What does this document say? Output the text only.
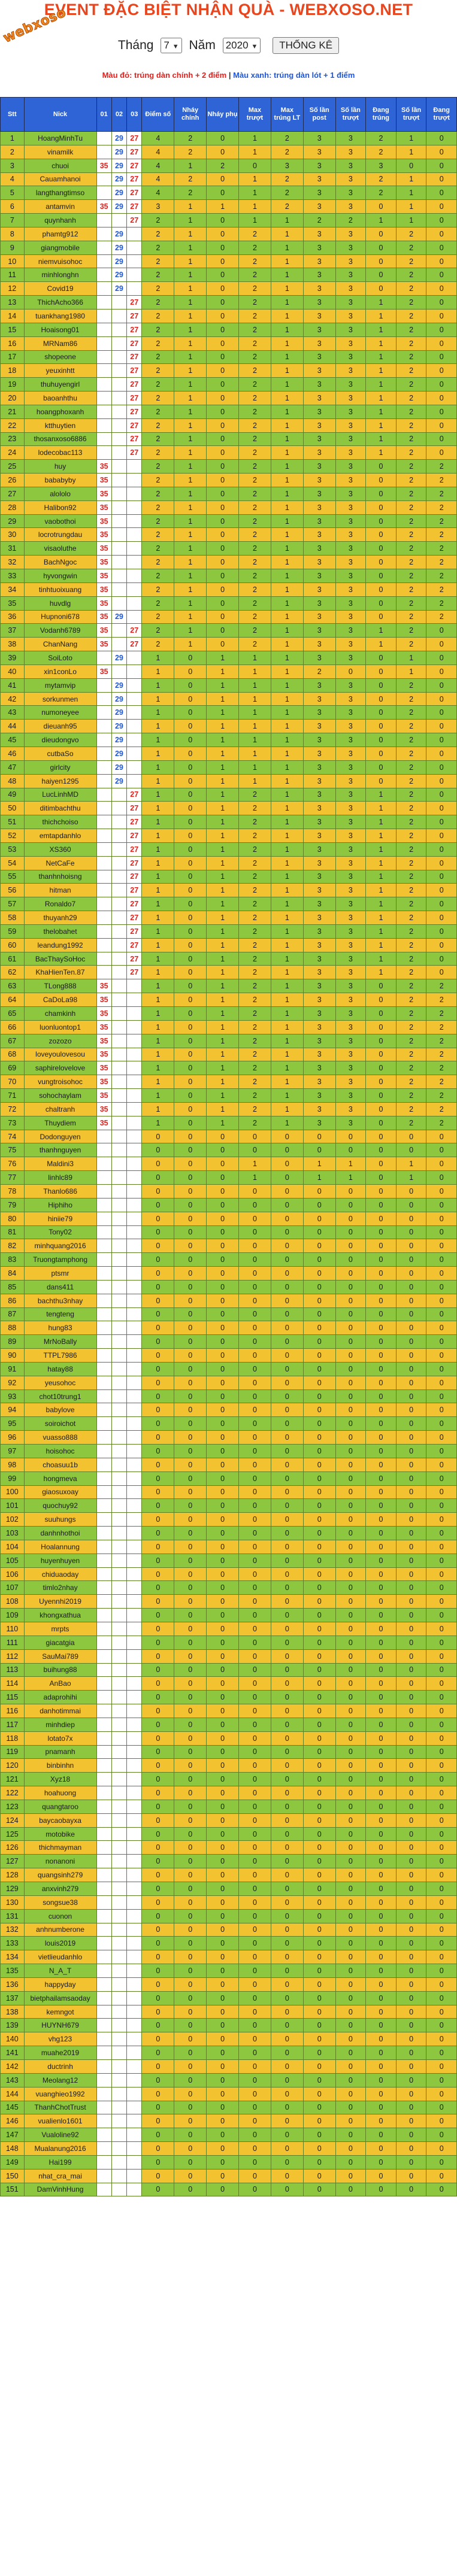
EVENT ĐẶC BIỆT NHẬN QUÀ - WEBXOSO.NET
webxoso	Tháng 7 ▼ Năm 2020 ▼ THỐNG KÊ
Màu đỏ: trúng dàn chính + 2 điểm | Màu xanh: trúng dàn lót + 1 điểm
Stt	Nick	01	02	03	Điểm số	Nháy chính	Nháy phụ	Max trượt	Max trúng LT	Số lần post	Số lần trượt	Đang trúng	Số lần trượt	Đang trượt
1	HoangMinhTu		29	27	4	2	0	1	2	3	3	2	1	0
2	vinamilk		29	27	4	2	0	1	2	3	3	2	1	0
3	chuoi	35	29	27	4	1	2	0	3	3	3	3	0	0
4	Cauamhanoi		29	27	4	2	0	1	2	3	3	2	1	0
5	langthangtimso		29	27	4	2	0	1	2	3	3	2	1	0
6	antamvin	35	29	27	3	1	1	1	2	3	3	0	1	0
7	quynhanh			27	2	1	0	1	1	2	2	1	1	0
8	phamtg912		29		2	1	0	2	1	3	3	0	2	0
9	giangmobile		29		2	1	0	2	1	3	3	0	2	0
10	niemvuisohoc		29		2	1	0	2	1	3	3	0	2	0
11	minhlonghn		29		2	1	0	2	1	3	3	0	2	0
12	Covid19		29		2	1	0	2	1	3	3	0	2	0
13	ThichAcho366			27	2	1	0	2	1	3	3	1	2	0
14	tuankhang1980			27	2	1	0	2	1	3	3	1	2	0
15	Hoaisong01			27	2	1	0	2	1	3	3	1	2	0
16	MRNam86			27	2	1	0	2	1	3	3	1	2	0
17	shopeone			27	2	1	0	2	1	3	3	1	2	0
18	yeuxinhtt			27	2	1	0	2	1	3	3	1	2	0
19	thuhuyengirl			27	2	1	0	2	1	3	3	1	2	0
20	baoanhthu			27	2	1	0	2	1	3	3	1	2	0
21	hoangphoxanh			27	2	1	0	2	1	3	3	1	2	0
22	ktthuytien			27	2	1	0	2	1	3	3	1	2	0
23	thosanxoso6886			27	2	1	0	2	1	3	3	1	2	0
24	lodecobac113			27	2	1	0	2	1	3	3	1	2	0
25	huy	35			2	1	0	2	1	3	3	0	2	2
26	bababyby	35			2	1	0	2	1	3	3	0	2	2
27	alololo	35			2	1	0	2	1	3	3	0	2	2
28	Halibon92	35			2	1	0	2	1	3	3	0	2	2
29	vaobothoi	35			2	1	0	2	1	3	3	0	2	2
30	locrotrungdau	35			2	1	0	2	1	3	3	0	2	2
31	visaoluthe	35			2	1	0	2	1	3	3	0	2	2
32	BachNgoc	35			2	1	0	2	1	3	3	0	2	2
33	hyvongwin	35			2	1	0	2	1	3	3	0	2	2
34	tinhtuoixuang	35			2	1	0	2	1	3	3	0	2	2
35	huvdlg	35			2	1	0	2	1	3	3	0	2	2
36	Hupnoni678	35	29		2	1	0	2	1	3	3	0	2	2
37	Vodanh6789	35		27	2	1	0	2	1	3	3	1	2	0
38	ChanNang	35		27	2	1	0	2	1	3	3	1	2	0
39	SoiLoto		29		1	0	1	1	1	3	3	0	1	0
40	xin1conLo	35			1	0	1	1	1	2	0	0	1	0
41	mytamvip		29		1	0	1	1	1	3	3	0	2	0
42	sorkunmen		29		1	0	1	1	1	3	3	0	2	0
43	numoneyee		29		1	0	1	1	1	3	3	0	2	0
44	dieuanh95		29		1	0	1	1	1	3	3	0	2	0
45	dieudongvo		29		1	0	1	1	1	3	3	0	2	0
46	cutbaSo		29		1	0	1	1	1	3	3	0	2	0
47	girlcity		29		1	0	1	1	1	3	3	0	2	0
48	haiyen1295		29		1	0	1	1	1	3	3	0	2	0
49	LucLinhMD			27	1	0	1	2	1	3	3	1	2	0
50	ditimbachthu			27	1	0	1	2	1	3	3	1	2	0
51	thichchoiso			27	1	0	1	2	1	3	3	1	2	0
52	emtapdanhlo			27	1	0	1	2	1	3	3	1	2	0
53	XS360			27	1	0	1	2	1	3	3	1	2	0
54	NetCaFe			27	1	0	1	2	1	3	3	1	2	0
55	thanhnhoisng			27	1	0	1	2	1	3	3	1	2	0
56	hitman			27	1	0	1	2	1	3	3	1	2	0
57	Ronaldo7			27	1	0	1	2	1	3	3	1	2	0
58	thuyanh29			27	1	0	1	2	1	3	3	1	2	0
59	thelobahet			27	1	0	1	2	1	3	3	1	2	0
60	leandung1992			27	1	0	1	2	1	3	3	1	2	0
61	BacThaySoHoc			27	1	0	1	2	1	3	3	1	2	0
62	KhaHienTen.87			27	1	0	1	2	1	3	3	1	2	0
63	TLong888	35			1	0	1	2	1	3	3	0	2	2
64	CaDoLa98	35			1	0	1	2	1	3	3	0	2	2
65	chamkinh	35			1	0	1	2	1	3	3	0	2	2
66	luonluontop1	35			1	0	1	2	1	3	3	0	2	2
67	zozozo	35			1	0	1	2	1	3	3	0	2	2
68	loveyoulovesou	35			1	0	1	2	1	3	3	0	2	2
69	saphirelovelove	35			1	0	1	2	1	3	3	0	2	2
70	vungtroisohoc	35			1	0	1	2	1	3	3	0	2	2
71	sohochaylam	35			1	0	1	2	1	3	3	0	2	2
72	chaltranh	35			1	0	1	2	1	3	3	0	2	2
73	Thuydiem	35			1	0	1	2	1	3	3	0	2	2
74	Dodonguyen				0	0	0	0	0	0	0	0	0	0
75	thanhnguyen				0	0	0	0	0	0	0	0	0	0
76	Maldini3				0	0	0	1	0	1	1	0	1	0
77	linhlc89				0	0	0	1	0	1	1	0	1	0
78	Thanlo686				0	0	0	0	0	0	0	0	0	0
79	Hiphiho				0	0	0	0	0	0	0	0	0	0
80	hiniie79				0	0	0	0	0	0	0	0	0	0
81	Tony02				0	0	0	0	0	0	0	0	0	0
82	minhquang2016				0	0	0	0	0	0	0	0	0	0
83	Truongtamphong				0	0	0	0	0	0	0	0	0	0
84	ptsmr				0	0	0	0	0	0	0	0	0	0
85	dans411				0	0	0	0	0	0	0	0	0	0
86	bachthu3nhay				0	0	0	0	0	0	0	0	0	0
87	tengteng				0	0	0	0	0	0	0	0	0	0
88	hung83				0	0	0	0	0	0	0	0	0	0
89	MrNoBally				0	0	0	0	0	0	0	0	0	0
90	TTPL7986				0	0	0	0	0	0	0	0	0	0
91	hatay88				0	0	0	0	0	0	0	0	0	0
92	yeusohoc				0	0	0	0	0	0	0	0	0	0
93	chot10trung1				0	0	0	0	0	0	0	0	0	0
94	babylove				0	0	0	0	0	0	0	0	0	0
95	soiroichot				0	0	0	0	0	0	0	0	0	0
96	vuasso888				0	0	0	0	0	0	0	0	0	0
97	hoisohoc				0	0	0	0	0	0	0	0	0	0
98	choasuu1b				0	0	0	0	0	0	0	0	0	0
99	hongmeva				0	0	0	0	0	0	0	0	0	0
100	giaosuxoay				0	0	0	0	0	0	0	0	0	0
101	quochuy92				0	0	0	0	0	0	0	0	0	0
102	suuhungs				0	0	0	0	0	0	0	0	0	0
103	danhnhothoi				0	0	0	0	0	0	0	0	0	0
104	Hoalannung				0	0	0	0	0	0	0	0	0	0
105	huyenhuyen				0	0	0	0	0	0	0	0	0	0
106	chiduaoday				0	0	0	0	0	0	0	0	0	0
107	timlo2nhay				0	0	0	0	0	0	0	0	0	0
108	Uyennhi2019				0	0	0	0	0	0	0	0	0	0
109	khongxathua				0	0	0	0	0	0	0	0	0	0
110	mrpts				0	0	0	0	0	0	0	0	0	0
111	giacatgia				0	0	0	0	0	0	0	0	0	0
112	SauMai789				0	0	0	0	0	0	0	0	0	0
113	buihung88				0	0	0	0	0	0	0	0	0	0
114	AnBao				0	0	0	0	0	0	0	0	0	0
115	adaprohihi				0	0	0	0	0	0	0	0	0	0
116	danhotimmai				0	0	0	0	0	0	0	0	0	0
117	minhdiep				0	0	0	0	0	0	0	0	0	0
118	lotato7x				0	0	0	0	0	0	0	0	0	0
119	pnamanh				0	0	0	0	0	0	0	0	0	0
120	binbinhn				0	0	0	0	0	0	0	0	0	0
121	Xyz18				0	0	0	0	0	0	0	0	0	0
122	hoahuong				0	0	0	0	0	0	0	0	0	0
123	quangtaroo				0	0	0	0	0	0	0	0	0	0
124	baycaobayxa				0	0	0	0	0	0	0	0	0	0
125	motobike				0	0	0	0	0	0	0	0	0	0
126	thichmayman				0	0	0	0	0	0	0	0	0	0
127	nonanoni				0	0	0	0	0	0	0	0	0	0
128	quangsinh279				0	0	0	0	0	0	0	0	0	0
129	anxvinh279				0	0	0	0	0	0	0	0	0	0
130	songsue38				0	0	0	0	0	0	0	0	0	0
131	cuonon				0	0	0	0	0	0	0	0	0	0
132	anhnumberone				0	0	0	0	0	0	0	0	0	0
133	louis2019				0	0	0	0	0	0	0	0	0	0
134	vietlieudanhlo				0	0	0	0	0	0	0	0	0	0
135	N_A_T				0	0	0	0	0	0	0	0	0	0
136	happyday				0	0	0	0	0	0	0	0	0	0
137	bietphailamsaoday				0	0	0	0	0	0	0	0	0	0
138	kemngot				0	0	0	0	0	0	0	0	0	0
139	HUYNH679				0	0	0	0	0	0	0	0	0	0
140	vhg123				0	0	0	0	0	0	0	0	0	0
141	muahe2019				0	0	0	0	0	0	0	0	0	0
142	ductrinh				0	0	0	0	0	0	0	0	0	0
143	Meolang12				0	0	0	0	0	0	0	0	0	0
144	vuanghieo1992				0	0	0	0	0	0	0	0	0	0
145	ThanhChotTrust				0	0	0	0	0	0	0	0	0	0
146	vualienlo1601				0	0	0	0	0	0	0	0	0	0
147	Vualoline92				0	0	0	0	0	0	0	0	0	0
148	Mualanung2016				0	0	0	0	0	0	0	0	0	0
149	Hai199				0	0	0	0	0	0	0	0	0	0
150	nhat_cra_mai				0	0	0	0	0	0	0	0	0	0
151	DamVinhHung				0	0	0	0	0	0	0	0	0	0
